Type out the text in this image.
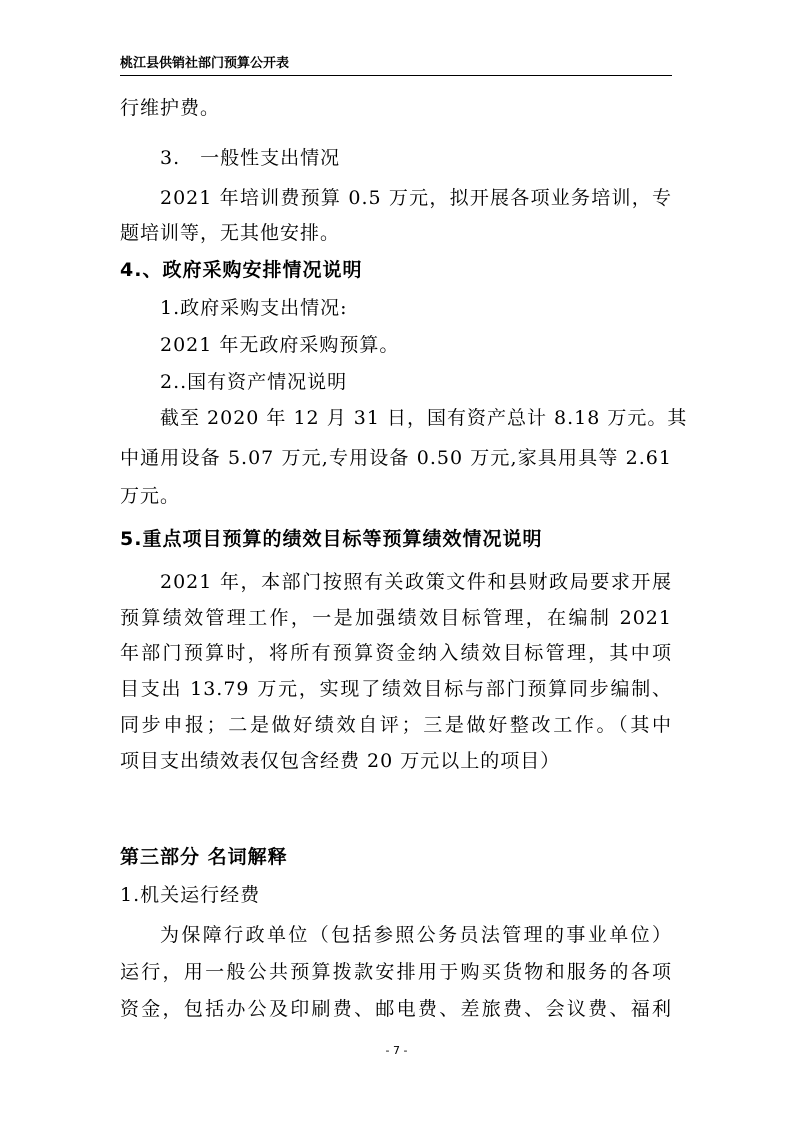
桃江县供销社部门预算公开表
行维护费。
3.　一般性支出情况
2021 年培训费预算 0.5 万元，拟开展各项业务培训，专
题培训等，无其他安排。
4.、政府采购安排情况说明
1.政府采购支出情况:
2021 年无政府采购预算。
2..国有资产情况说明
截至 2020 年 12 月 31 日，国有资产总计 8.18 万元。其
中通用设备 5.07 万元,专用设备 0.50 万元,家具用具等 2.61
万元。
5.重点项目预算的绩效目标等预算绩效情况说明
2021 年，本部门按照有关政策文件和县财政局要求开展
预算绩效管理工作，一是加强绩效目标管理，在编制 2021
年部门预算时，将所有预算资金纳入绩效目标管理，其中项
目支出 13.79 万元，实现了绩效目标与部门预算同步编制、
同步申报；二是做好绩效自评；三是做好整改工作。（其中
项目支出绩效表仅包含经费 20 万元以上的项目）
第三部分 名词解释
1.机关运行经费
为保障行政单位（包括参照公务员法管理的事业单位）
运行，用一般公共预算拨款安排用于购买货物和服务的各项
资金，包括办公及印刷费、邮电费、差旅费、会议费、福利
- 7 -
